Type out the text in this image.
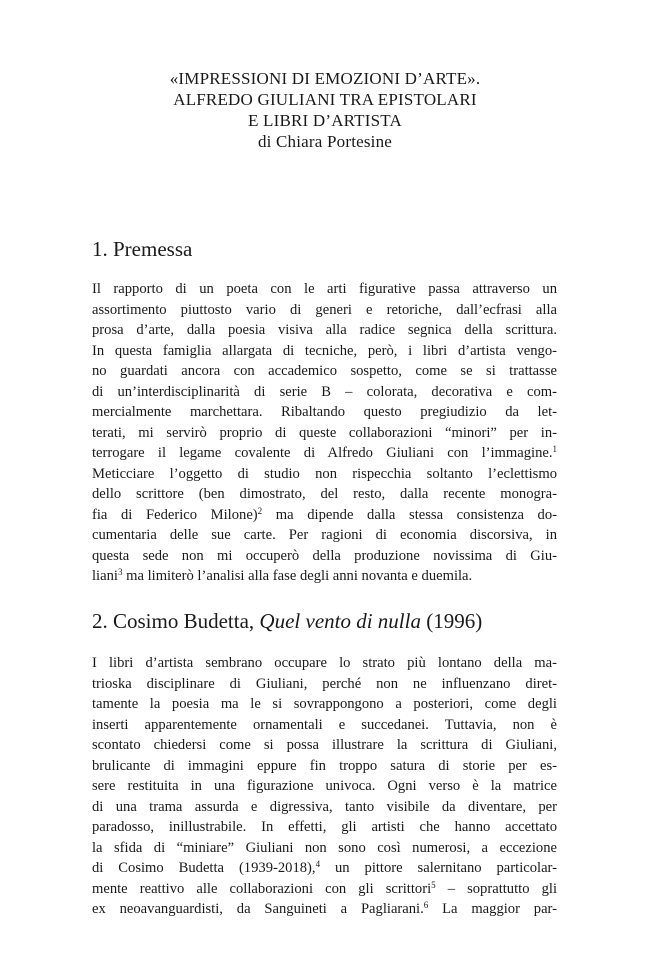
«IMPRESSIONI DI EMOZIONI D’ARTE».
ALFREDO GIULIANI TRA EPISTOLARI
E LIBRI D’ARTISTA
di Chiara Portesine
1. Premessa
Il rapporto di un poeta con le arti figurative passa attraverso un
assortimento piuttosto vario di generi e retoriche, dall’ecfrasi alla
prosa d’arte, dalla poesia visiva alla radice segnica della scrittura.
In questa famiglia allargata di tecniche, però, i libri d’artista vengo-
no guardati ancora con accademico sospetto, come se si trattasse
di un’interdisciplinarità di serie B – colorata, decorativa e com-
mercialmente marchettara. Ribaltando questo pregiudizio da let-
terati, mi servirò proprio di queste collaborazioni “minori” per in-
terrogare il legame covalente di Alfredo Giuliani con l’immagine.$^1$
Meticciare l’oggetto di studio non rispecchia soltanto l’eclettismo
dello scrittore (ben dimostrato, del resto, dalla recente monogra-
fia di Federico Milone)$^2$ ma dipende dalla stessa consistenza do-
cumentaria delle sue carte. Per ragioni di economia discorsiva, in
questa sede non mi occuperò della produzione novissima di Giu-
liani$^3$ ma limiterò l’analisi alla fase degli anni novanta e duemila.
2. Cosimo Budetta, Quel vento di nulla (1996)
I libri d’artista sembrano occupare lo strato più lontano della ma-
trioska disciplinare di Giuliani, perché non ne influenzano diret-
tamente la poesia ma le si sovrappongono a posteriori, come degli
inserti apparentemente ornamentali e succedanei. Tuttavia, non è
scontato chiedersi come si possa illustrare la scrittura di Giuliani,
brulicante di immagini eppure fin troppo satura di storie per es-
sere restituita in una figurazione univoca. Ogni verso è la matrice
di una trama assurda e digressiva, tanto visibile da diventare, per
paradosso, inillustrabile. In effetti, gli artisti che hanno accettato
la sfida di “miniare” Giuliani non sono così numerosi, a eccezione
di Cosimo Budetta (1939-2018),$^4$ un pittore salernitano particolar-
mente reattivo alle collaborazioni con gli scrittori$^5$ – soprattutto gli
ex neoavanguardisti, da Sanguineti a Pagliarani.$^6$ La maggior par-
